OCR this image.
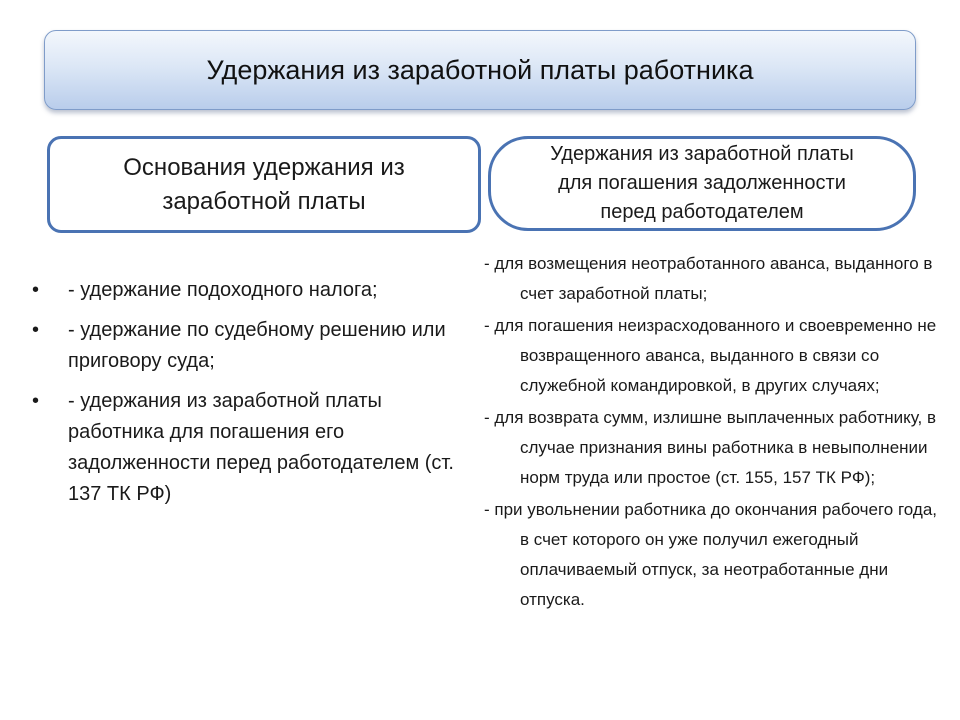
Удержания из заработной платы работника
Основания удержания из заработной платы
Удержания из заработной платы для погашения задолженности перед работодателем
• - удержание подоходного налога;
• - удержание по судебному решению или приговору суда;
• - удержания из заработной платы работника для погашения его задолженности перед работодателем (ст. 137 ТК РФ)
- для возмещения неотработанного аванса, выданного в счет заработной платы;
- для погашения неизрасходованного и своевременно не возвращенного аванса, выданного в связи со служебной командировкой, в других случаях;
- для возврата сумм, излишне выплаченных работнику, в случае признания вины работника в невыполнении норм труда или простое (ст. 155, 157 ТК РФ);
- при увольнении работника до окончания рабочего года, в счет которого он уже получил ежегодный оплачиваемый отпуск, за неотработанные дни отпуска.
